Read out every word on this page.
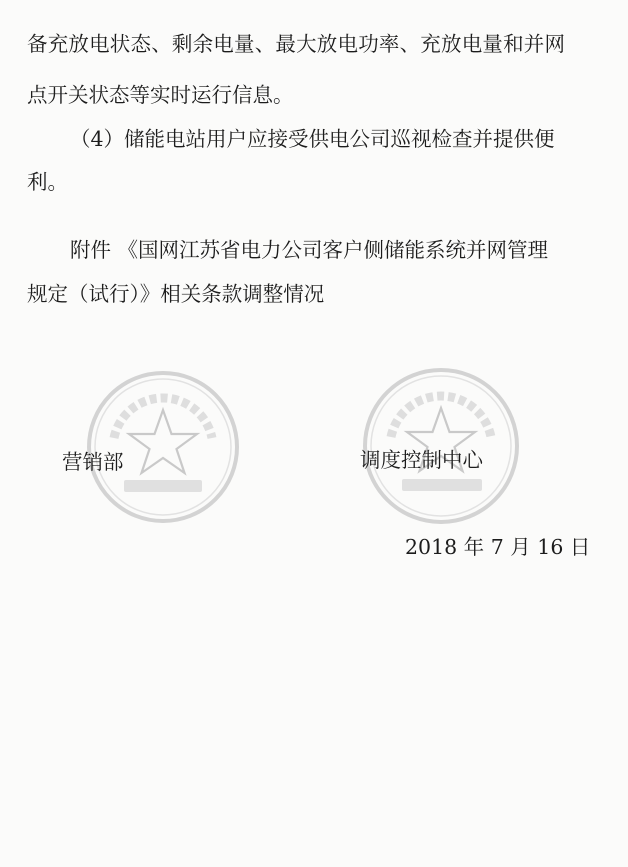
备充放电状态、剩余电量、最大放电功率、充放电量和并网
点开关状态等实时运行信息。
（4）储能电站用户应接受供电公司巡视检查并提供便
利。
附件 《国网江苏省电力公司客户侧储能系统并网管理
规定（试行）》相关条款调整情况
营销部	调度控制中心
2018 年 7 月 16 日
